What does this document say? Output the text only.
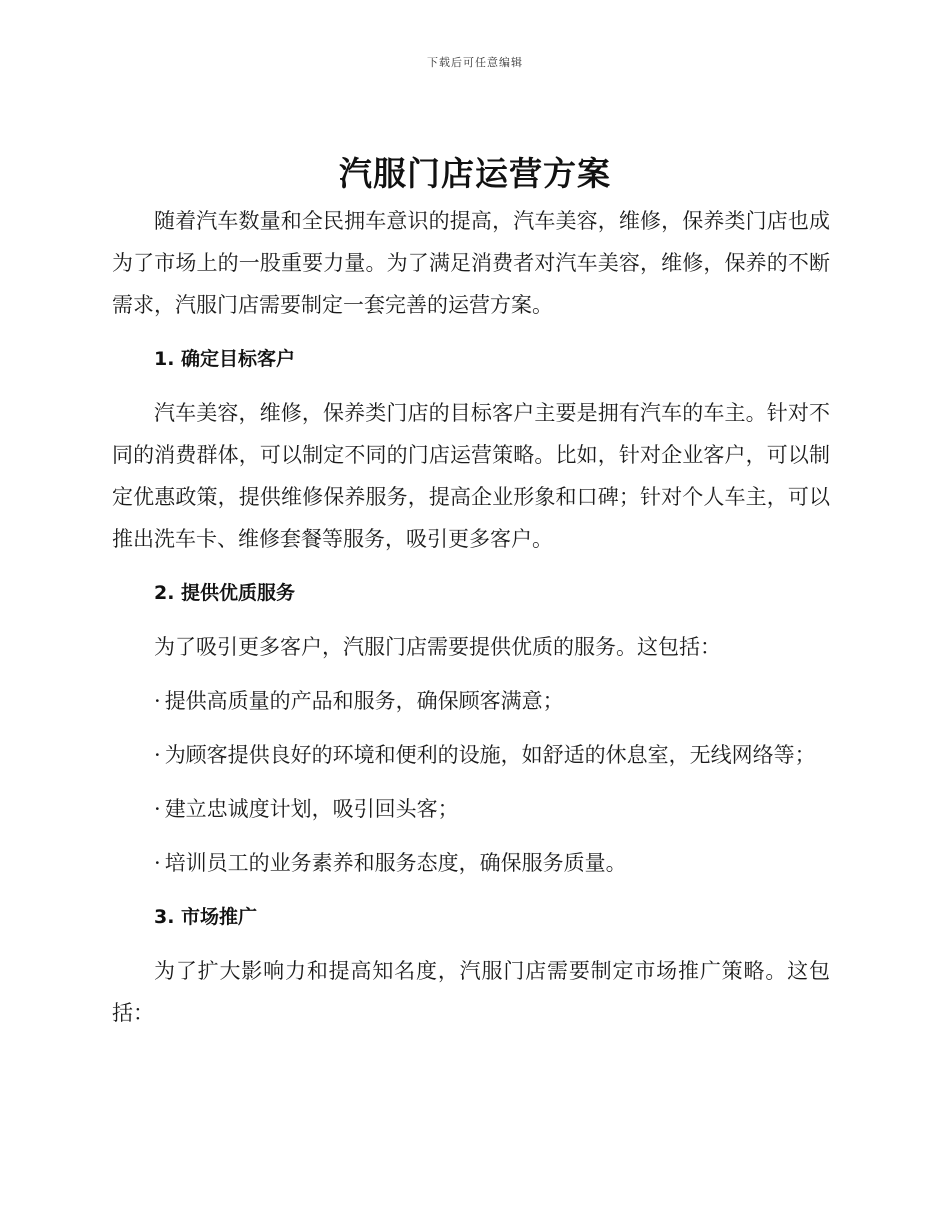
下载后可任意编辑
汽服门店运营方案

随着汽车数量和全民拥车意识的提高，汽车美容，维修，保养类门店也成为了市场上的一股重要力量。为了满足消费者对汽车美容，维修，保养的不断需求，汽服门店需要制定一套完善的运营方案。

1. 确定目标客户

汽车美容，维修，保养类门店的目标客户主要是拥有汽车的车主。针对不同的消费群体，可以制定不同的门店运营策略。比如，针对企业客户，可以制定优惠政策，提供维修保养服务，提高企业形象和口碑；针对个人车主，可以推出洗车卡、维修套餐等服务，吸引更多客户。

2. 提供优质服务

为了吸引更多客户，汽服门店需要提供优质的服务。这包括：

· 提供高质量的产品和服务，确保顾客满意；

· 为顾客提供良好的环境和便利的设施，如舒适的休息室，无线网络等；

· 建立忠诚度计划，吸引回头客；

· 培训员工的业务素养和服务态度，确保服务质量。

3. 市场推广

为了扩大影响力和提高知名度，汽服门店需要制定市场推广策略。这包括：
